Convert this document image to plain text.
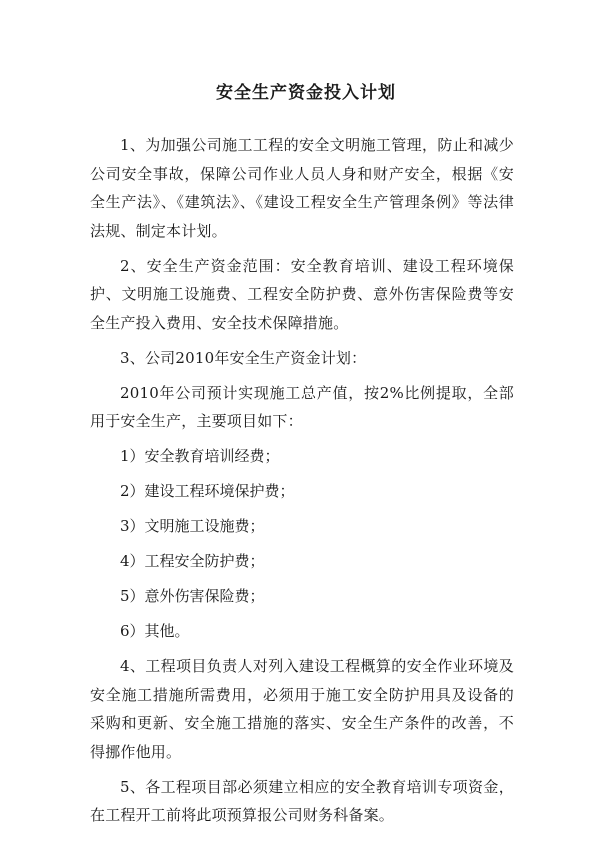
安全生产资金投入计划

1、为加强公司施工工程的安全文明施工管理，防止和减少公司安全事故，保障公司作业人员人身和财产安全，根据《安全生产法》、《建筑法》、《建设工程安全生产管理条例》等法律法规、制定本计划。

2、安全生产资金范围：安全教育培训、建设工程环境保护、文明施工设施费、工程安全防护费、意外伤害保险费等安全生产投入费用、安全技术保障措施。

3、公司2010年安全生产资金计划：

2010年公司预计实现施工总产值，按2%比例提取，全部用于安全生产，主要项目如下：

1）安全教育培训经费；

2）建设工程环境保护费；

3）文明施工设施费；

4）工程安全防护费；

5）意外伤害保险费；

6）其他。

4、工程项目负责人对列入建设工程概算的安全作业环境及安全施工措施所需费用，必须用于施工安全防护用具及设备的采购和更新、安全施工措施的落实、安全生产条件的改善，不得挪作他用。

5、各工程项目部必须建立相应的安全教育培训专项资金，在工程开工前将此项预算报公司财务科备案。
